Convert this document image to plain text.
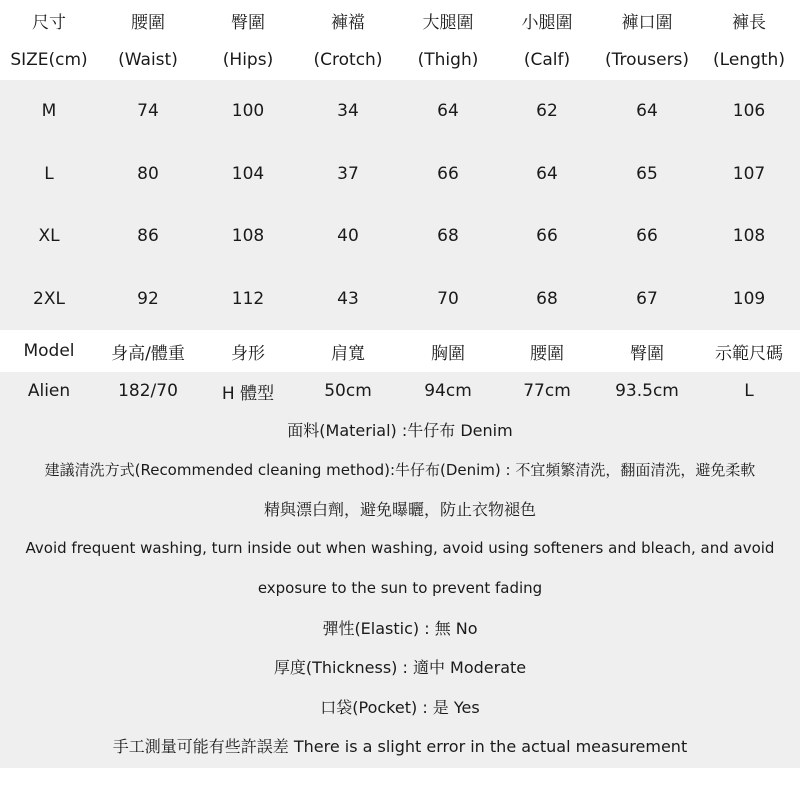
尺寸	腰圍	臀圍	褲襠	大腿圍	小腿圍	褲口圍	褲長
SIZE(cm)	(Waist)	(Hips)	(Crotch)	(Thigh)	(Calf)	(Trousers)	(Length)
M	74	100	34	64	62	64	106
L	80	104	37	66	64	65	107
XL	86	108	40	68	66	66	108
2XL	92	112	43	70	68	67	109
Model	身高/體重	身形	肩寬	胸圍	腰圍	臀圍	示範尺碼
Alien	182/70	H 體型	50cm	94cm	77cm	93.5cm	L
面料(Material) :牛仔布 Denim
建議清洗方式(Recommended cleaning method):牛仔布(Denim) : 不宜頻繁清洗，翻面清洗，避免柔軟
精與漂白劑，避免曝曬，防止衣物褪色
Avoid frequent washing, turn inside out when washing, avoid using softeners and bleach, and avoid
exposure to the sun to prevent fading
彈性(Elastic) : 無 No
厚度(Thickness) : 適中 Moderate
口袋(Pocket) : 是 Yes
手工測量可能有些許誤差 There is a slight error in the actual measurement
